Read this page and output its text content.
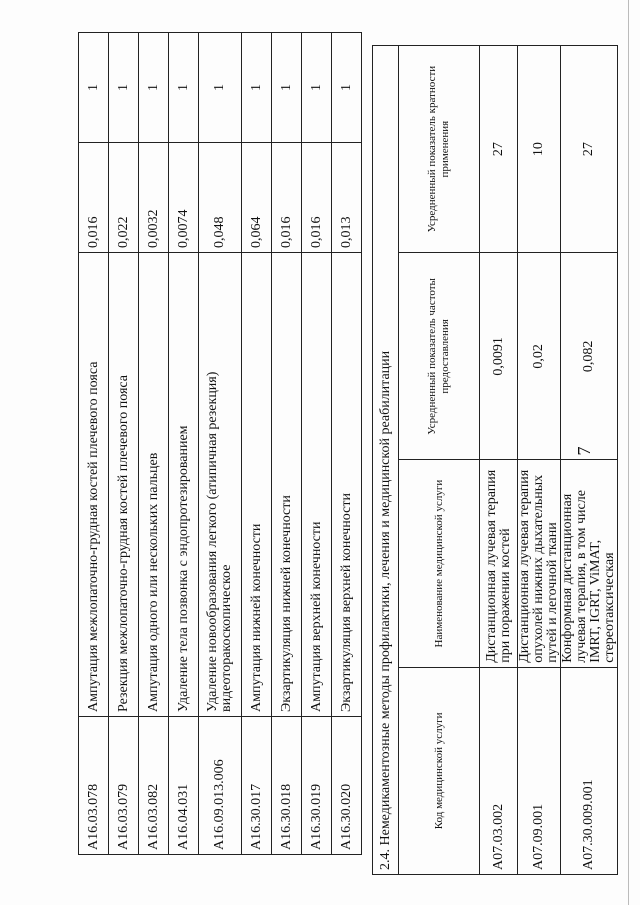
7
A16.03.078	Ампутация межлопаточно-грудная костей плечевого пояса	0,016	1
A16.03.079	Резекция межлопаточно-грудная костей плечевого пояса	0,022	1
A16.03.082	Ампутация одного или нескольких пальцев	0,0032	1
A16.04.031	Удаление тела позвонка с эндопротезированием	0,0074	1
A16.09.013.006	Удаление новообразования легкого (атипичная резекция) видеоторакоскопическое	0,048	1
A16.30.017	Ампутация нижней конечности	0,064	1
A16.30.018	Экзартикуляция нижней конечности	0,016	1
A16.30.019	Ампутация верхней конечности	0,016	1
A16.30.020	Экзартикуляция верхней конечности	0,013	1
2.4. Немедикаментозные методы профилактики, лечения и медицинской реабилитации			
Код медицинской услуги	Наименование медицинской услуги	Усредненный показатель частоты предоставления	Усредненный показатель кратности применения
A07.03.002	Дистанционная лучевая терапия при поражении костей	0,0091	27
A07.09.001	Дистанционная лучевая терапия опухолей нижних дыхательных путей и легочной ткани	0,02	10
A07.30.009.001	Конформная дистанционная лучевая терапия, в том числе IMRT, IGRT, ViMAT, стереотаксическая	0,082	27
